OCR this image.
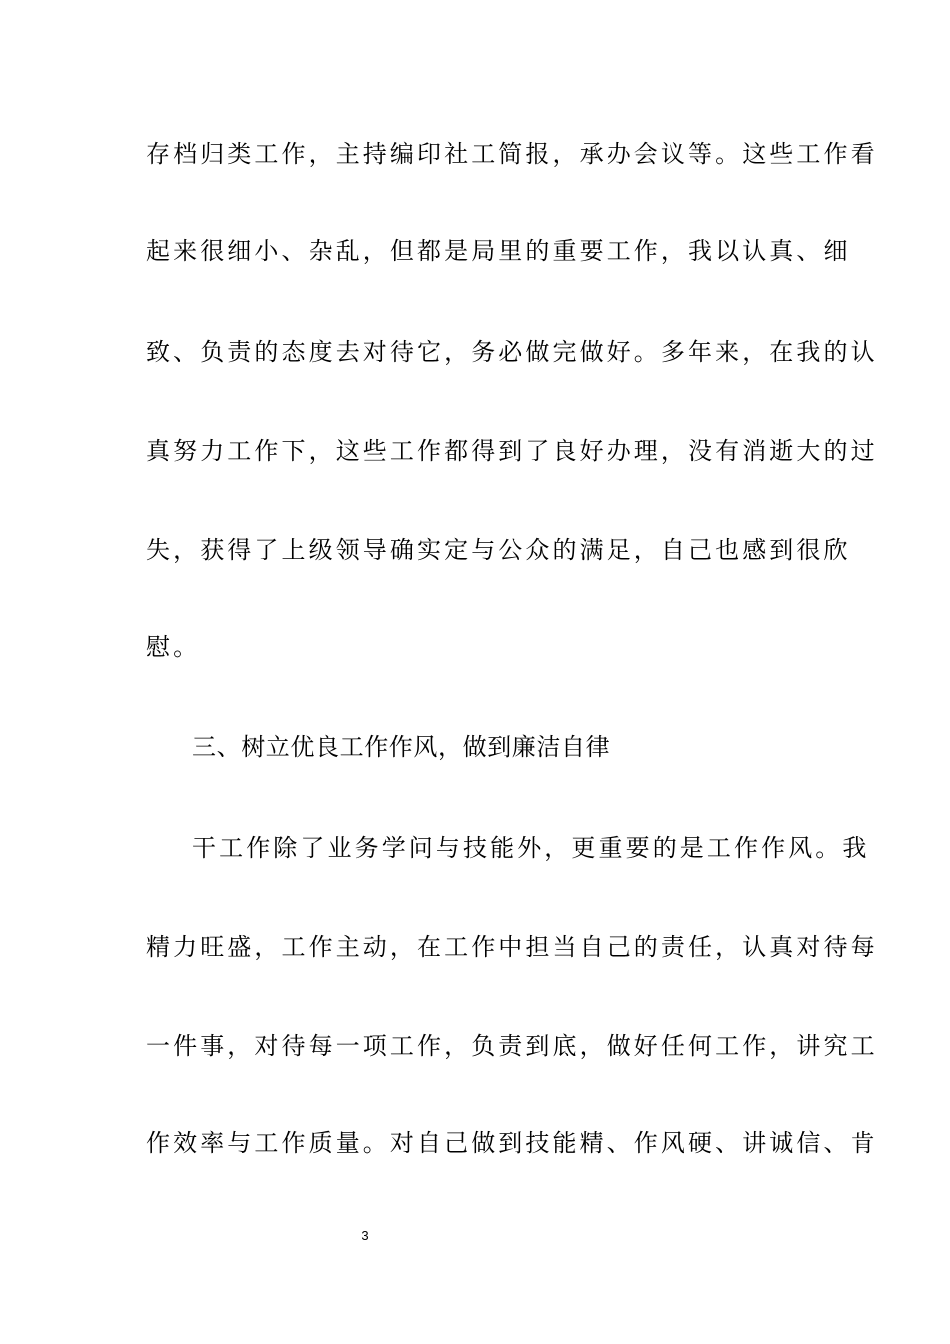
存档归类工作，主持编印社工简报，承办会议等。这些工作看
起来很细小、杂乱，但都是局里的重要工作，我以认真、细
致、负责的态度去对待它，务必做完做好。多年来，在我的认
真努力工作下，这些工作都得到了良好办理，没有消逝大的过
失，获得了上级领导确实定与公众的满足，自己也感到很欣
慰。
三、树立优良工作作风，做到廉洁自律
干工作除了业务学问与技能外，更重要的是工作作风。我
精力旺盛，工作主动，在工作中担当自己的责任，认真对待每
一件事，对待每一项工作，负责到底，做好任何工作，讲究工
作效率与工作质量。对自己做到技能精、作风硬、讲诚信、肯
3
